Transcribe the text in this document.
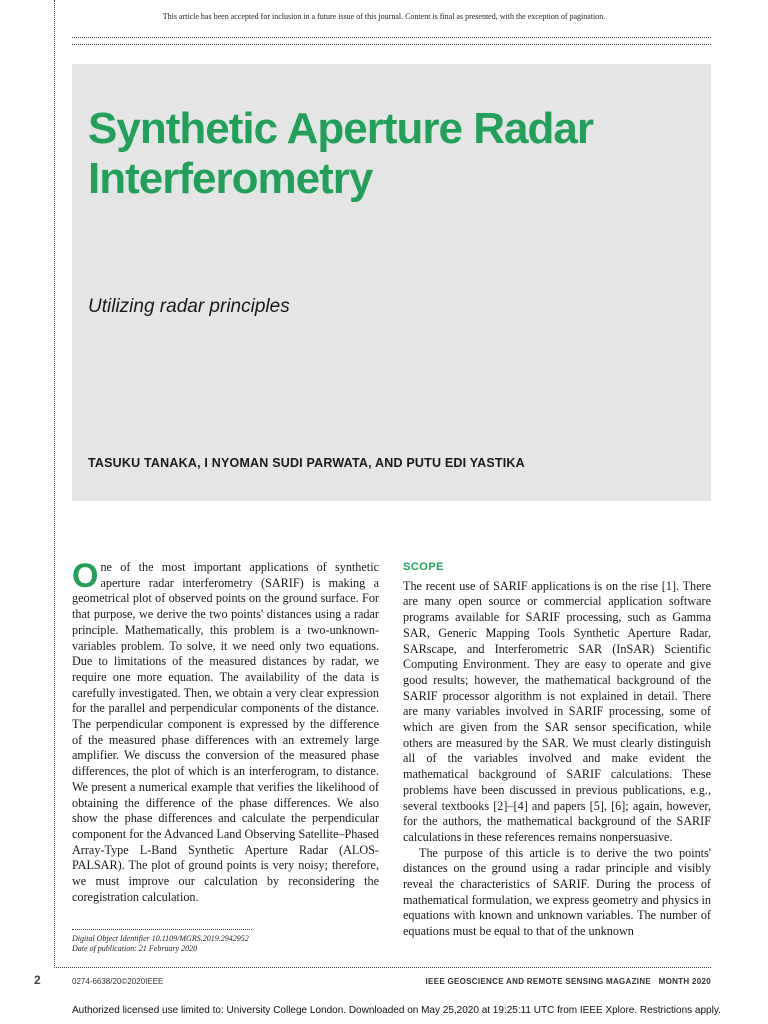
This article has been accepted for inclusion in a future issue of this journal. Content is final as presented, with the exception of pagination.
Synthetic Aperture Radar Interferometry
Utilizing radar principles
TASUKU TANAKA, I NYOMAN SUDI PARWATA, AND PUTU EDI YASTIKA

One of the most important applications of synthetic aperture radar interferometry (SARIF) is making a geometrical plot of observed points on the ground surface. For that purpose, we derive the two points' distances using a radar principle. Mathematically, this problem is a two-unknown-variables problem. To solve, it we need only two equations. Due to limitations of the measured distances by radar, we require one more equation. The availability of the data is carefully investigated. Then, we obtain a very clear expression for the parallel and perpendicular components of the distance. The perpendicular component is expressed by the difference of the measured phase differences with an extremely large amplifier. We discuss the conversion of the measured phase differences, the plot of which is an interferogram, to distance. We present a numerical example that verifies the likelihood of obtaining the difference of the phase differences. We also show the phase differences and calculate the perpendicular component for the Advanced Land Observing Satellite–Phased Array-Type L-Band Synthetic Aperture Radar (ALOS-PALSAR). The plot of ground points is very noisy; therefore, we must improve our calculation by reconsidering the coregistration calculation.

Digital Object Identifier 10.1109/MGRS.2019.2942952
Date of publication: 21 February 2020
SCOPE

The recent use of SARIF applications is on the rise [1]. There are many open source or commercial application software programs available for SARIF processing, such as Gamma SAR, Generic Mapping Tools Synthetic Aperture Radar, SARscape, and Interferometric SAR (InSAR) Scientific Computing Environment. They are easy to operate and give good results; however, the mathematical background of the SARIF processor algorithm is not explained in detail. There are many variables involved in SARIF processing, some of which are given from the SAR sensor specification, while others are measured by the SAR. We must clearly distinguish all of the variables involved and make evident the mathematical background of SARIF calculations. These problems have been discussed in previous publications, e.g., several textbooks [2]–[4] and papers [5], [6]; again, however, for the authors, the mathematical background of the SARIF calculations in these references remains nonpersuasive.

The purpose of this article is to derive the two points' distances on the ground using a radar principle and visibly reveal the characteristics of SARIF. During the process of mathematical formulation, we express geometry and physics in equations with known and unknown variables. The number of equations must be equal to that of the unknown

2	0274-6638/20©2020IEEE	IEEE GEOSCIENCE AND REMOTE SENSING MAGAZINE MONTH 2020
Authorized licensed use limited to: University College London. Downloaded on May 25,2020 at 19:25:11 UTC from IEEE Xplore. Restrictions apply.
